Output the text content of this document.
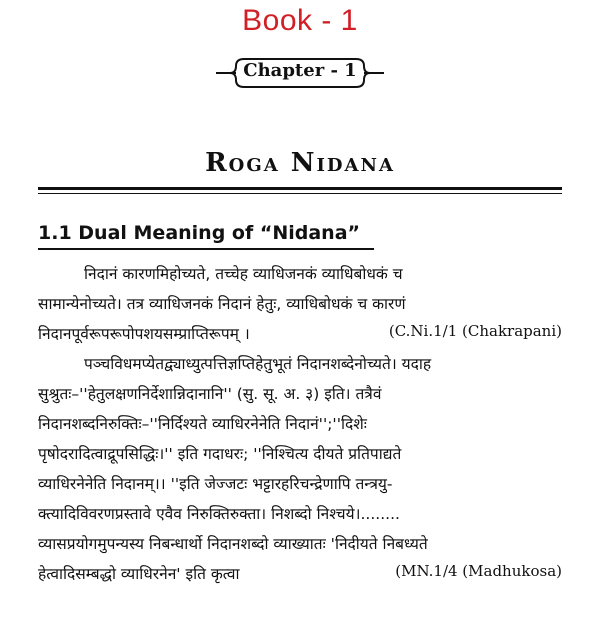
Book - 1
Chapter - 1
Roga Nidana
1.1 Dual Meaning of “Nidana”
निदानं कारणमिहोच्यते, तच्चेह व्याधिजनकं व्याधिबोधकं च
सामान्येनोच्यते। तत्र व्याधिजनकं निदानं हेतुः, व्याधिबोधकं च कारणं
निदानपूर्वरूपरूपोपशयसम्प्राप्तिरूपम् ।	(C.Ni.1/1 (Chakrapani)
पञ्चविधमप्येतद्व्याध्युत्पत्तिज्ञप्तिहेतुभूतं निदानशब्देनोच्यते। यदाह
सुश्रुतः–''हेतुलक्षणनिर्देशान्निदानानि'' (सु. सू. अ. ३) इति। तत्रैवं
निदानशब्दनिरुक्तिः–''निर्दिश्यते व्याधिरनेनेति निदानं'';''दिशेः
पृषोदरादित्वाद्रूपसिद्धिः।'' इति गदाधरः; ''निश्चित्य दीयते प्रतिपाद्यते
व्याधिरनेनेति निदानम्।। ''इति जेज्जटः भट्टारहरिचन्द्रेणापि तन्त्रयु-
क्त्यादिविवरणप्रस्तावे एवैव निरुक्तिरुक्ता। निशब्दो निश्चये।........
व्यासप्रयोगमुपन्यस्य निबन्धार्थो निदानशब्दो व्याख्यातः 'निदीयते निबध्यते
हेत्वादिसम्बद्धो व्याधिरनेन' इति कृत्वा	(MN.1/4 (Madhukosa)
